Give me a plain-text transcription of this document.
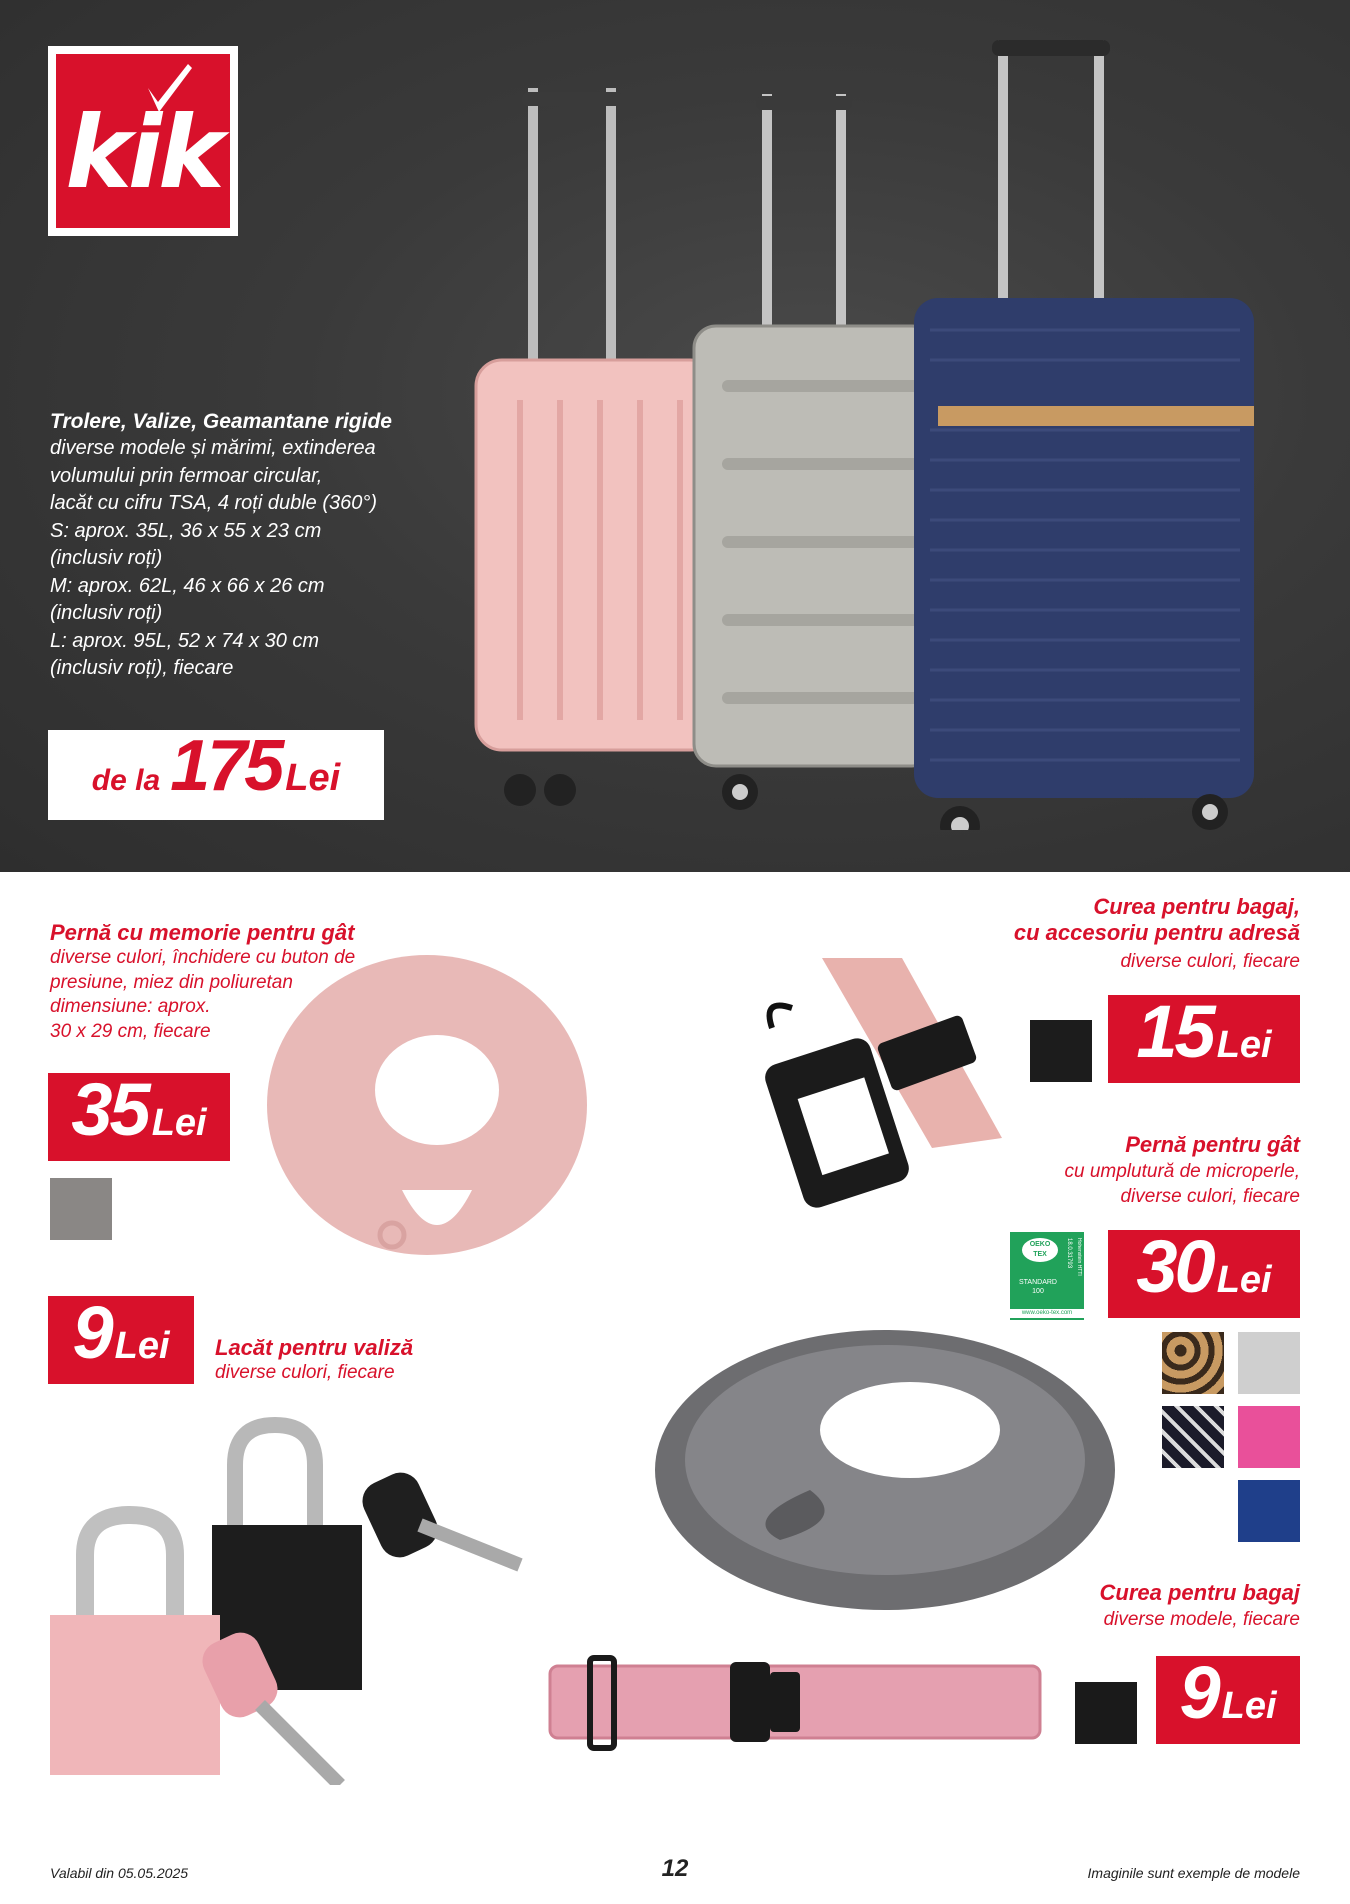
kik
Trolere, Valize, Geamantane rigide
diverse modele și mărimi, extinderea
volumului prin fermoar circular,
lacăt cu cifru TSA, 4 roți duble (360°)
S: aprox. 35L, 36 x 55 x 23 cm
(inclusiv roți)
M: aprox. 62L, 46 x 66 x 26 cm
(inclusiv roți)
L: aprox. 95L, 52 x 74 x 30 cm
(inclusiv roți), fiecare
de la 175 Lei
Pernă cu memorie pentru gât
diverse culori, închidere cu buton de
presiune, miez din poliuretan
dimensiune: aprox.
30 x 29 cm, fiecare
35 Lei
Curea pentru bagaj,
cu accesoriu pentru adresă
diverse culori, fiecare
15 Lei
Pernă pentru gât
cu umplutură de microperle,
diverse culori, fiecare
OEKO TEX
STANDARD
100
18.0.31793 Hohenstein HTTI
www.oeko-tex.com
30 Lei
9 Lei Lacăt pentru valiză
diverse culori, fiecare
Curea pentru bagaj
diverse modele, fiecare
9 Lei
Valabil din 05.05.2025	12	Imaginile sunt exemple de modele
